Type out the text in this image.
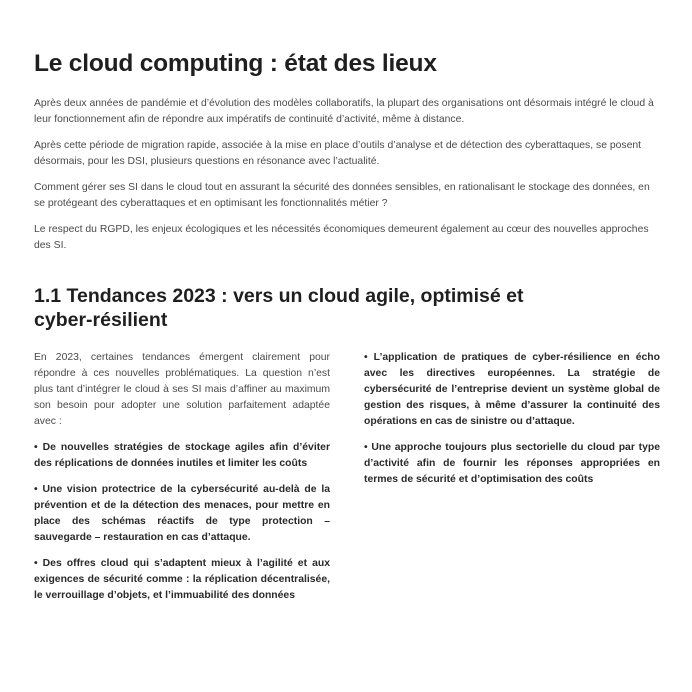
Le cloud computing : état des lieux

Après deux années de pandémie et d’évolution des modèles collaboratifs, la plupart des organisations ont désormais intégré le cloud à leur fonctionnement afin de répondre aux impératifs de continuité d’activité, même à distance.

Après cette période de migration rapide, associée à la mise en place d’outils d’analyse et de détection des cyberattaques, se posent désormais, pour les DSI, plusieurs questions en résonance avec l’actualité.

Comment gérer ses SI dans le cloud tout en assurant la sécurité des données sensibles, en rationalisant le stockage des données, en se protégeant des cyberattaques et en optimisant les fonctionnalités métier ?

Le respect du RGPD, les enjeux écologiques et les nécessités économiques demeurent également au cœur des nouvelles approches des SI.

1.1 Tendances 2023 : vers un cloud agile, optimisé et cyber-résilient

En 2023, certaines tendances émergent clairement pour répondre à ces nouvelles problématiques. La question n’est plus tant d’intégrer le cloud à ses SI mais d’affiner au maximum son besoin pour adopter une solution parfaitement adaptée avec :

• De nouvelles stratégies de stockage agiles afin d’éviter des réplications de données inutiles et limiter les coûts

• Une vision protectrice de la cybersécurité au-delà de la prévention et de la détection des menaces, pour mettre en place des schémas réactifs de type protection – sauvegarde – restauration en cas d’attaque.

• Des offres cloud qui s’adaptent mieux à l’agilité et aux exigences de sécurité comme : la réplication décentralisée, le verrouillage d’objets, et l’immuabilité des données

• L’application de pratiques de cyber-résilience en écho avec les directives européennes. La stratégie de cybersécurité de l’entreprise devient un système global de gestion des risques, à même d’assurer la continuité des opérations en cas de sinistre ou d’attaque.

• Une approche toujours plus sectorielle du cloud par type d’activité afin de fournir les réponses appropriées en termes de sécurité et d’optimisation des coûts
